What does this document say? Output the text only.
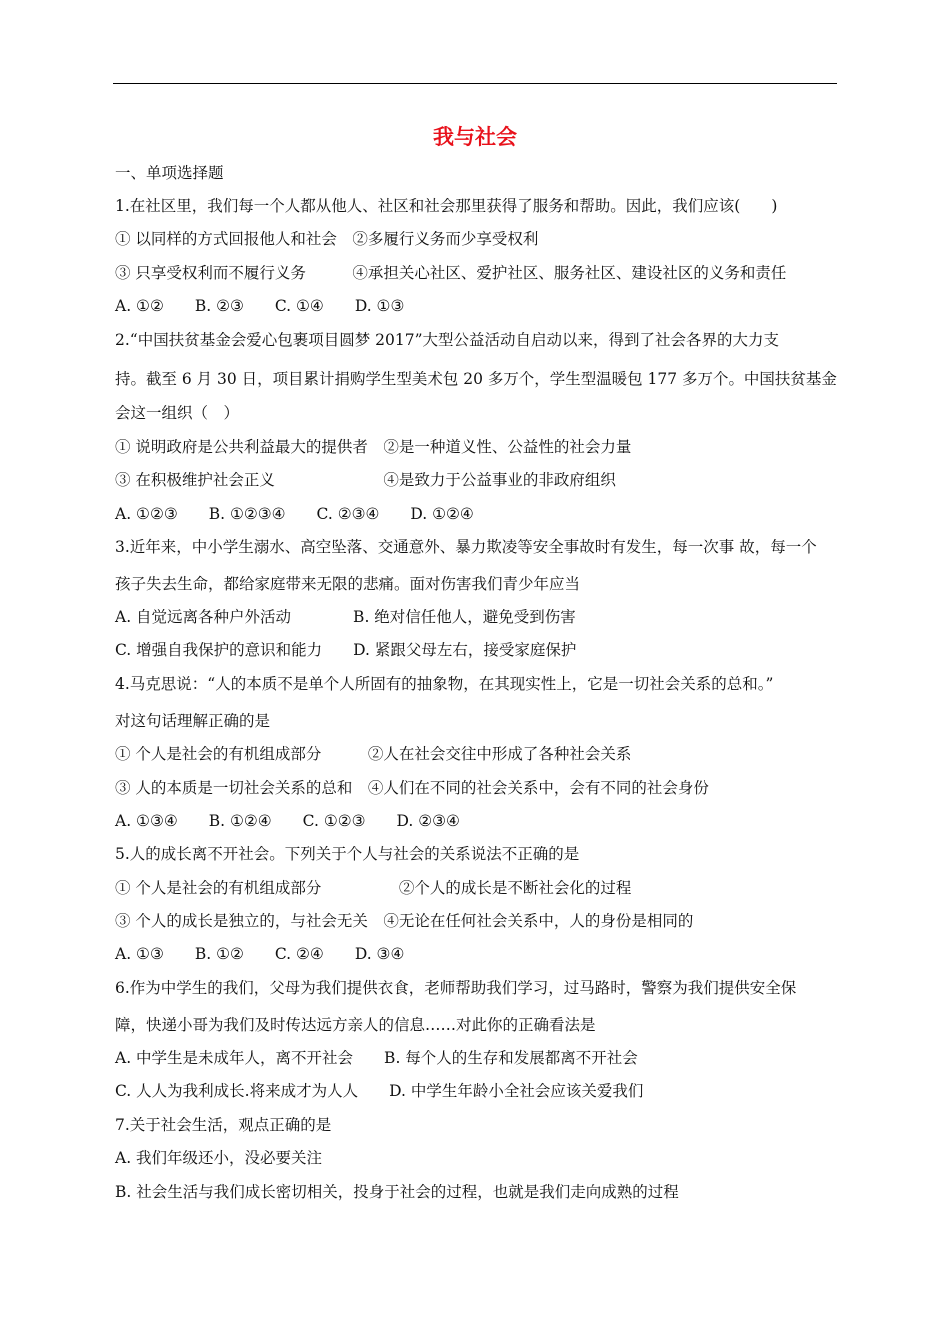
我与社会
一、单项选择题
1.在社区里，我们每一个人都从他人、社区和社会那里获得了服务和帮助。因此，我们应该(　　)
① 以同样的方式回报他人和社会　②多履行义务而少享受权利
③ 只享受权利而不履行义务　　　④承担关心社区、爱护社区、服务社区、建设社区的义务和责任
A. ①②　　B. ②③　　C. ①④　　D. ①③
2.“中国扶贫基金会爱心包裹项目圆梦 2017”大型公益活动自启动以来，得到了社会各界的大力支
持。截至 6 月 30 日，项目累计捐购学生型美术包 20 多万个，学生型温暖包 177 多万个。中国扶贫基金
会这一组织（　）
① 说明政府是公共利益最大的提供者　②是一种道义性、公益性的社会力量
③ 在积极维护社会正义　　　　　　　④是致力于公益事业的非政府组织
A. ①②③　　B. ①②③④　　C. ②③④　　D. ①②④
3.近年来，中小学生溺水、高空坠落、交通意外、暴力欺凌等安全事故时有发生，每一次事 故，每一个
孩子失去生命，都给家庭带来无限的悲痛。面对伤害我们青少年应当
A. 自觉远离各种户外活动　　　　B. 绝对信任他人，避免受到伤害
C. 增强自我保护的意识和能力　　D. 紧跟父母左右，接受家庭保护
4.马克思说：“人的本质不是单个人所固有的抽象物，在其现实性上，它是一切社会关系的总和。”
对这句话理解正确的是
① 个人是社会的有机组成部分　　　②人在社会交往中形成了各种社会关系
③ 人的本质是一切社会关系的总和　④人们在不同的社会关系中，会有不同的社会身份
A. ①③④　　B. ①②④　　C. ①②③　　D. ②③④
5.人的成长离不开社会。下列关于个人与社会的关系说法不正确的是
① 个人是社会的有机组成部分　　　　　②个人的成长是不断社会化的过程
③ 个人的成长是独立的，与社会无关　④无论在任何社会关系中，人的身份是相同的
A. ①③　　B. ①②　　C. ②④　　D. ③④
6.作为中学生的我们，父母为我们提供衣食，老师帮助我们学习，过马路时，警察为我们提供安全保
障，快递小哥为我们及时传达远方亲人的信息……对此你的正确看法是
A. 中学生是未成年人，离不开社会　　B. 每个人的生存和发展都离不开社会
C. 人人为我利成长.将来成才为人人　　D. 中学生年龄小全社会应该关爱我们
7.关于社会生活，观点正确的是
A. 我们年级还小，没必要关注
B. 社会生活与我们成长密切相关，投身于社会的过程，也就是我们走向成熟的过程
